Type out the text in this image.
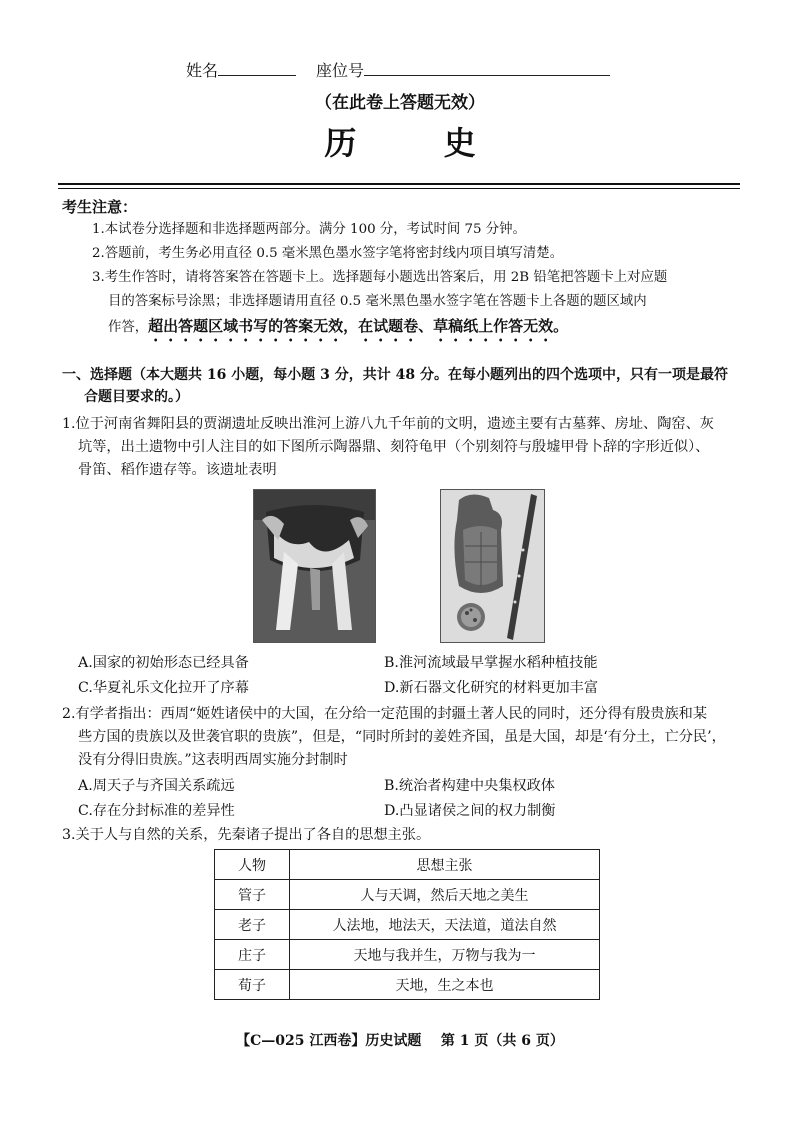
姓名	座位号
（在此卷上答题无效）
历 史
考生注意：
1.本试卷分选择题和非选择题两部分。满分 100 分，考试时间 75 分钟。
2.答题前，考生务必用直径 0.5 毫米黑色墨水签字笔将密封线内项目填写清楚。
3.考生作答时，请将答案答在答题卡上。选择题每小题选出答案后，用 2B 铅笔把答题卡上对应题
目的答案标号涂黑；非选择题请用直径 0.5 毫米黑色墨水签字笔在答题卡上各题的题区域内
作答，超出答题区域书写的答案无效，在试题卷、草稿纸上作答无效。
一、选择题（本大题共 16 小题，每小题 3 分，共计 48 分。在每小题列出的四个选项中，只有一项是最符
合题目要求的。）
1.位于河南省舞阳县的贾湖遗址反映出淮河上游八九千年前的文明，遗迹主要有古墓葬、房址、陶窑、灰
坑等，出土遗物中引人注目的如下图所示陶器鼎、刻符龟甲（个别刻符与殷墟甲骨卜辞的字形近似）、
骨笛、稻作遗存等。该遗址表明
A.国家的初始形态已经具备	B.淮河流域最早掌握水稻种植技能
C.华夏礼乐文化拉开了序幕	D.新石器文化研究的材料更加丰富
2.有学者指出：西周“姬姓诸侯中的大国，在分给一定范围的封疆土著人民的同时，还分得有殷贵族和某
些方国的贵族以及世袭官职的贵族”，但是，“同时所封的姜姓齐国，虽是大国，却是‘有分土，亡分民’，
没有分得旧贵族。”这表明西周实施分封制时
A.周天子与齐国关系疏远	B.统治者构建中央集权政体
C.存在分封标准的差异性	D.凸显诸侯之间的权力制衡
3.关于人与自然的关系，先秦诸子提出了各自的思想主张。
人物	思想主张
管子	人与天调，然后天地之美生
老子	人法地，地法天，天法道，道法自然
庄子	天地与我并生，万物与我为一
荀子	天地，生之本也
【C—025 江西卷】历史试题    第 1 页（共 6 页）
